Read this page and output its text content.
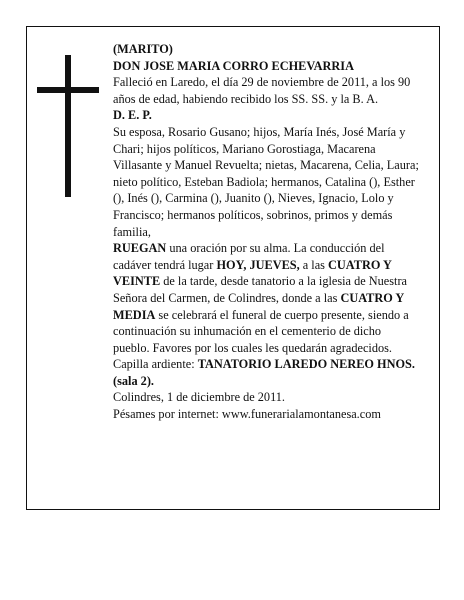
(MARITO)

DON JOSE MARIA CORRO ECHEVARRIA

Falleció en Laredo, el día 29 de noviembre de 2011, a los 90 años de edad, habiendo recibido los SS. SS. y la B. A.

D. E. P.

Su esposa, Rosario Gusano; hijos, María Inés, José María y Chari; hijos políticos, Mariano Gorostiaga, Macarena Villasante y Manuel Revuelta; nietas, Macarena, Celia, Laura; nieto político, Esteban Badiola; hermanos, Catalina (), Esther (), Inés (), Carmina (), Juanito (), Nieves, Ignacio, Lolo y Francisco; hermanos políticos, sobrinos, primos y demás familia,

RUEGAN una oración por su alma. La conducción del cadáver tendrá lugar HOY, JUEVES, a las CUATRO Y VEINTE de la tarde, desde tanatorio a la iglesia de Nuestra Señora del Carmen, de Colindres, donde a las CUATRO Y MEDIA se celebrará el funeral de cuerpo presente, siendo a continuación su inhumación en el cementerio de dicho pueblo. Favores por los cuales les quedarán agradecidos. Capilla ardiente: TANATORIO LAREDO NEREO HNOS. (sala 2).

Colindres, 1 de diciembre de 2011.

Pésames por internet: www.funerarialamontanesa.com
